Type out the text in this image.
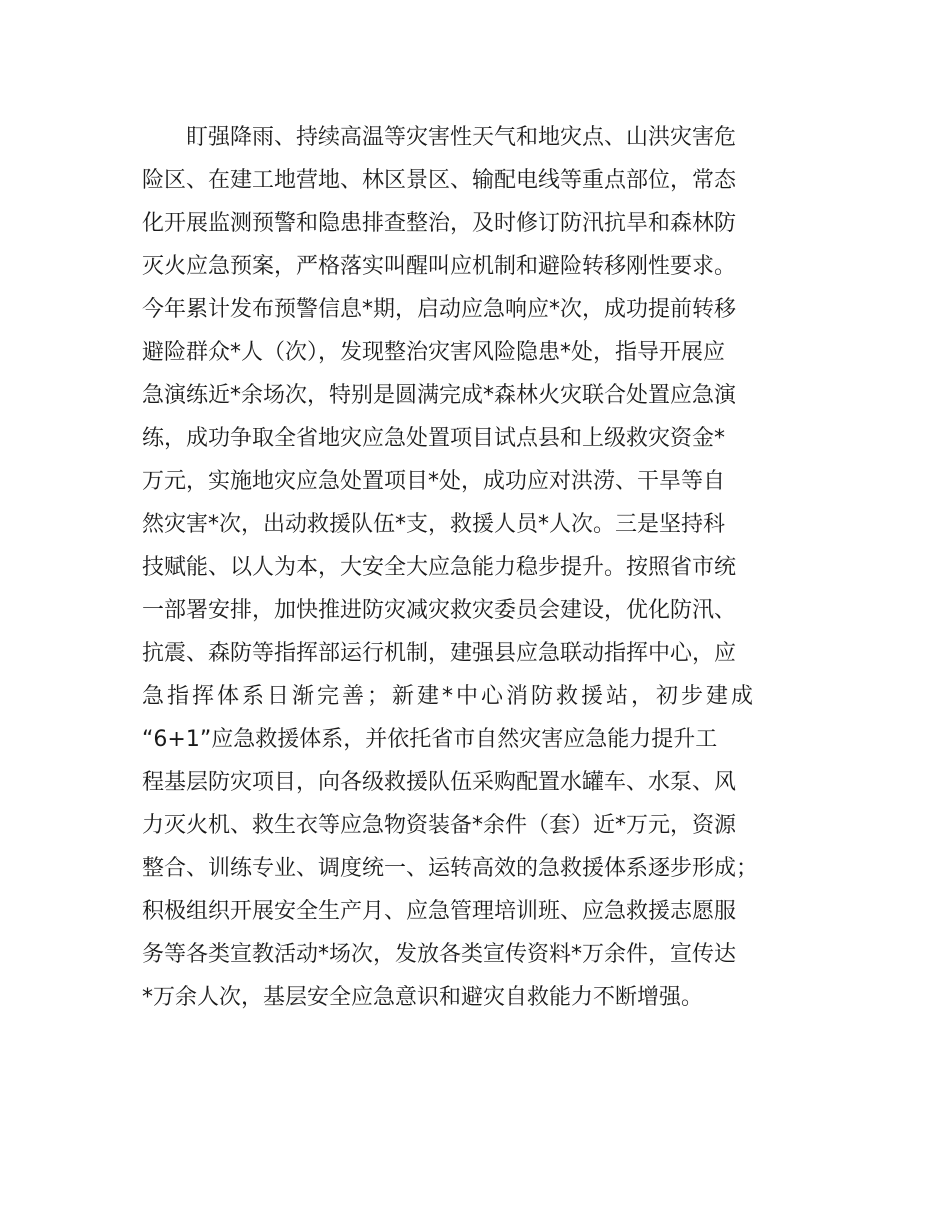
盯强降雨、持续高温等灾害性天气和地灾点、山洪灾害危
险区、在建工地营地、林区景区、输配电线等重点部位，常态
化开展监测预警和隐患排查整治，及时修订防汛抗旱和森林防
灭火应急预案，严格落实叫醒叫应机制和避险转移刚性要求。
今年累计发布预警信息*期，启动应急响应*次，成功提前转移
避险群众*人（次），发现整治灾害风险隐患*处，指导开展应
急演练近*余场次，特别是圆满完成*森林火灾联合处置应急演
练，成功争取全省地灾应急处置项目试点县和上级救灾资金*
万元，实施地灾应急处置项目*处，成功应对洪涝、干旱等自
然灾害*次，出动救援队伍*支，救援人员*人次。三是坚持科
技赋能、以人为本，大安全大应急能力稳步提升。按照省市统
一部署安排，加快推进防灾减灾救灾委员会建设，优化防汛、
抗震、森防等指挥部运行机制，建强县应急联动指挥中心，应
急指挥体系日渐完善；新建*中心消防救援站，初步建成
“6+1”应急救援体系，并依托省市自然灾害应急能力提升工
程基层防灾项目，向各级救援队伍采购配置水罐车、水泵、风
力灭火机、救生衣等应急物资装备*余件（套）近*万元，资源
整合、训练专业、调度统一、运转高效的急救援体系逐步形成；
积极组织开展安全生产月、应急管理培训班、应急救援志愿服
务等各类宣教活动*场次，发放各类宣传资料*万余件，宣传达
*万余人次，基层安全应急意识和避灾自救能力不断增强。
